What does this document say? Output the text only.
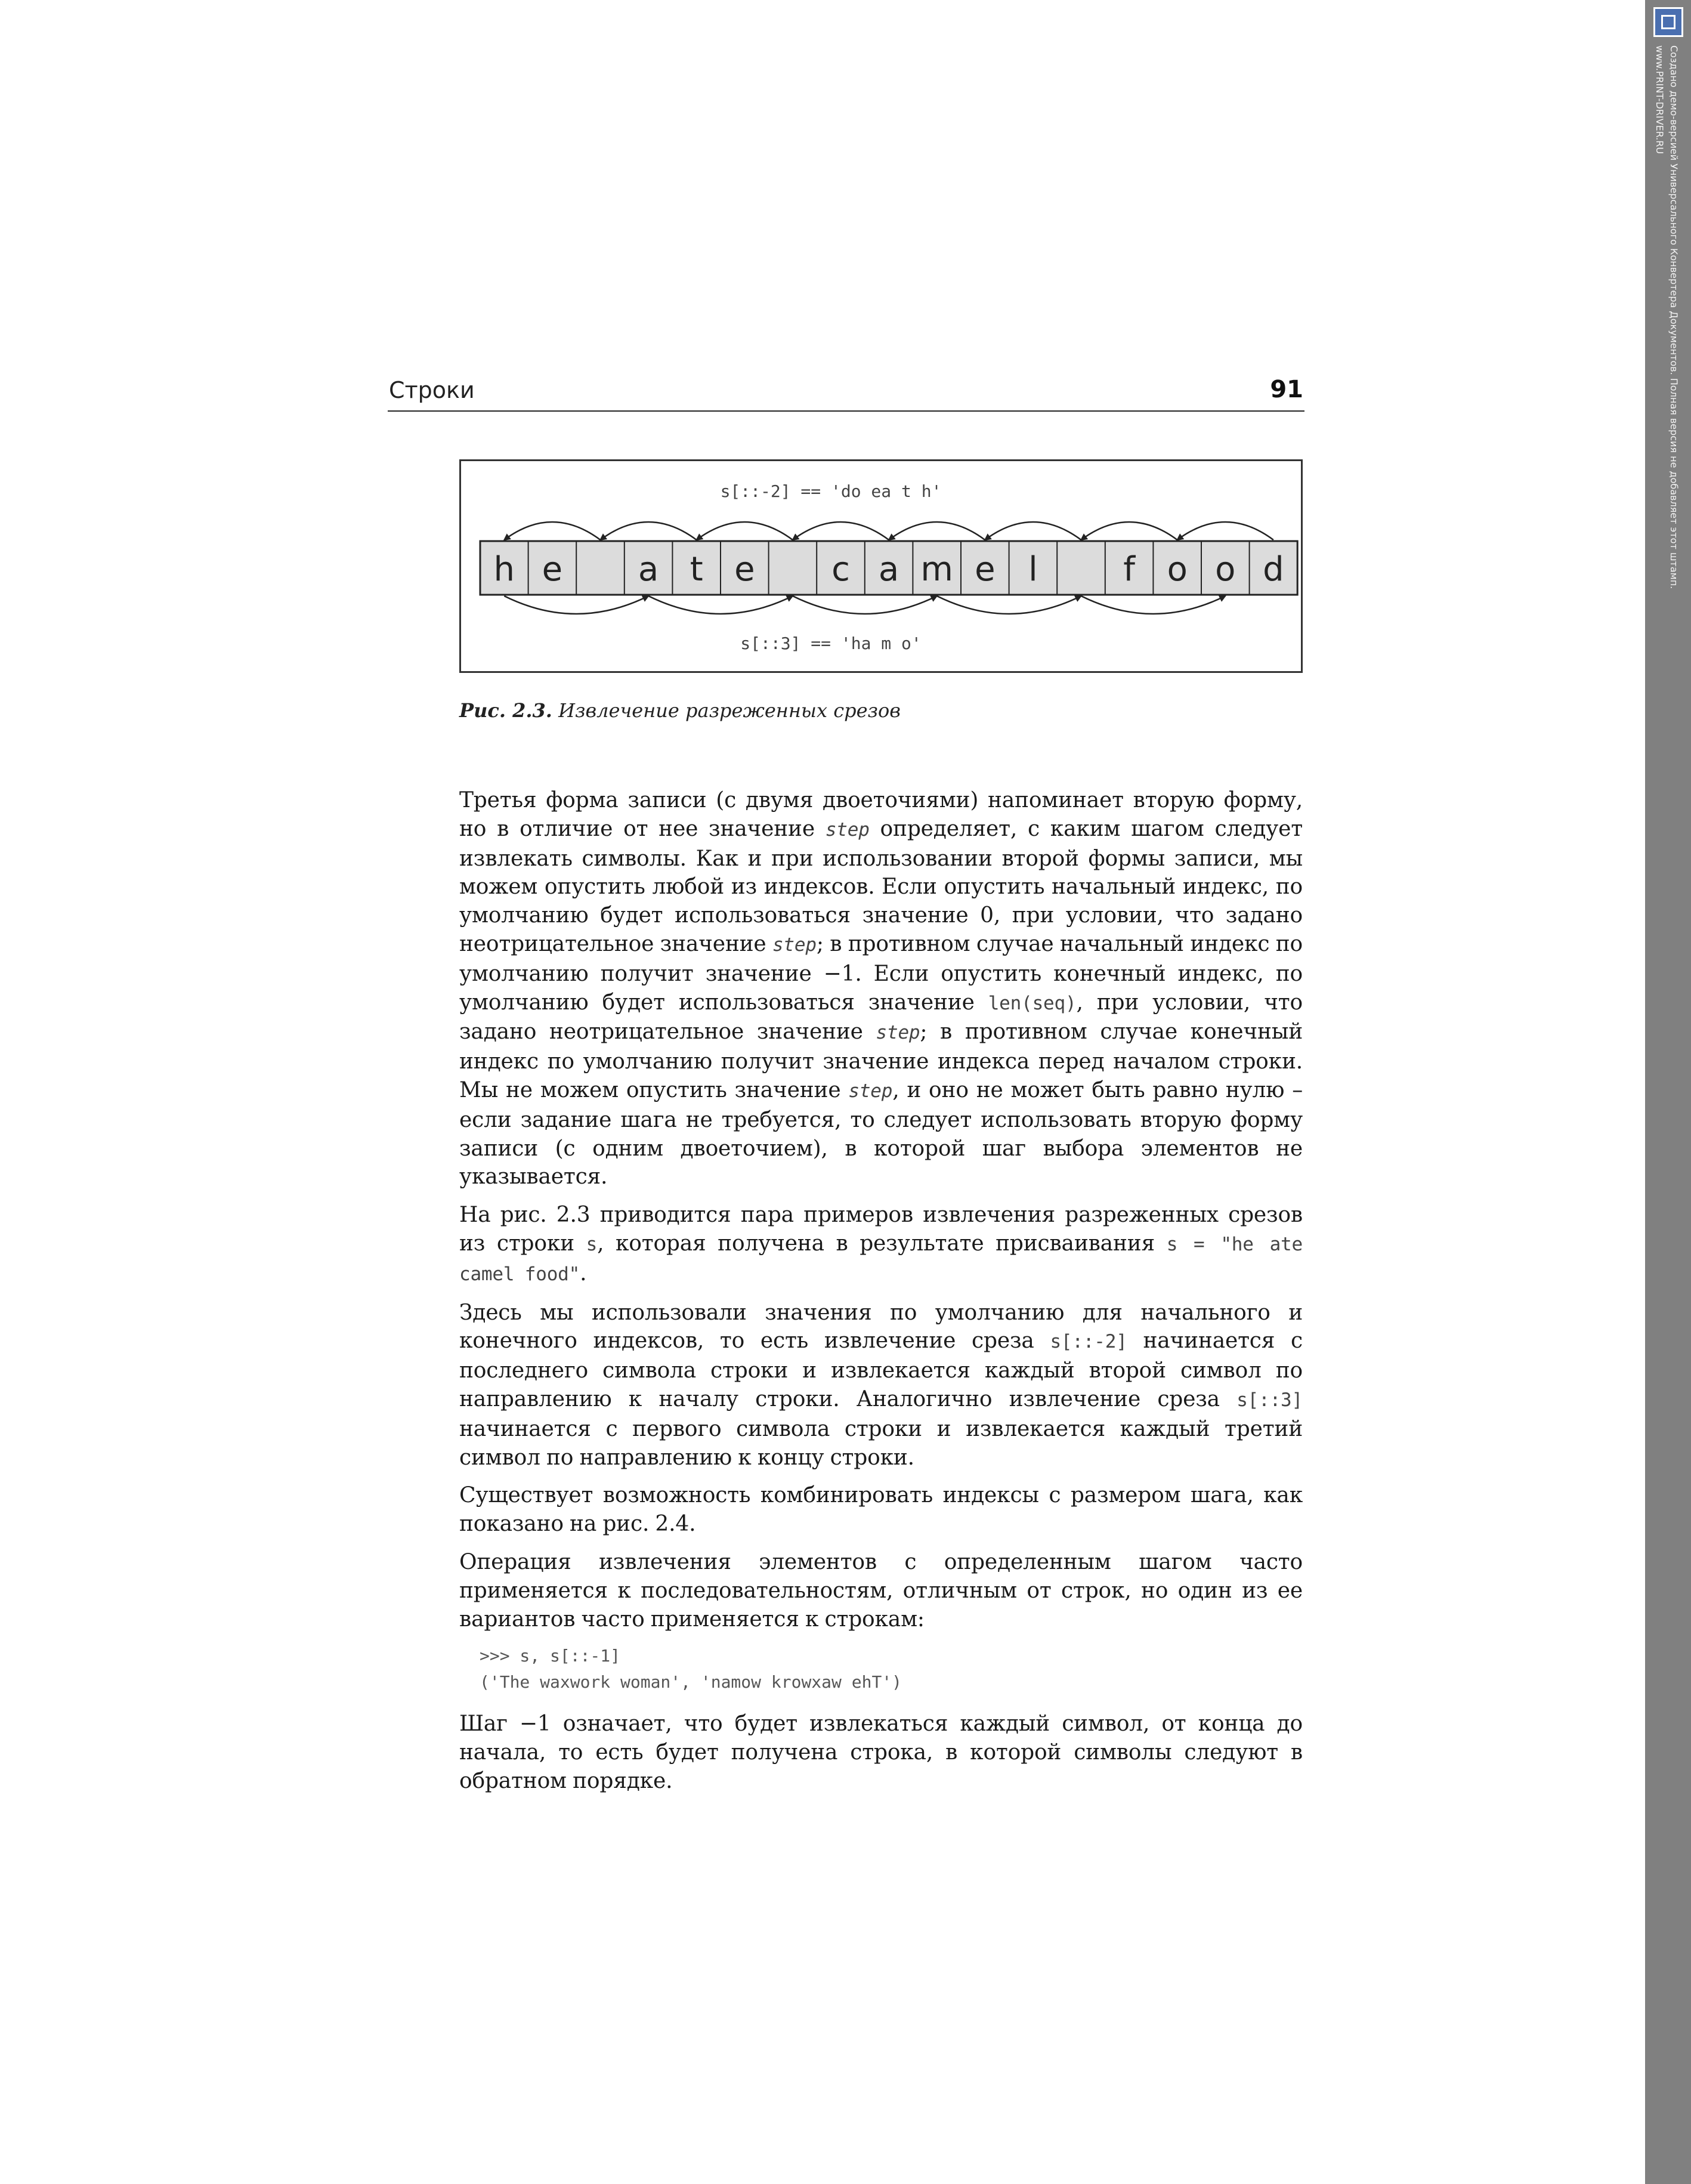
Строки	91
s[::-2] == 'do ea t h'
s[::3] == 'ha m o'
h e a t e c a m e l	f o o d
Рис. 2.3. Извлечение разреженных срезов

Третья форма записи (с двумя двоеточиями) напоминает вторую форму, но в отличие от нее значение step определяет, с каким шагом следует извлекать символы. Как и при использовании второй формы записи, мы можем опустить любой из индексов. Если опустить начальный индекс, по умолчанию будет использоваться значение 0, при условии, что задано неотрицательное значение step; в противном случае начальный индекс по умолчанию получит значение −1. Если опустить конечный индекс, по умолчанию будет использоваться значение len(seq), при условии, что задано неотрицательное значение step; в противном случае конечный индекс по умолчанию получит значение индекса перед началом строки. Мы не можем опустить значение step, и оно не может быть равно нулю – если задание шага не требуется, то следует использовать вторую форму записи (с одним двоеточием), в которой шаг выбора элементов не указывается.

На рис. 2.3 приводится пара примеров извлечения разреженных срезов из строки s, которая получена в результате присваивания s = "he ate camel food".

Здесь мы использовали значения по умолчанию для начального и конечного индексов, то есть извлечение среза s[::-2] начинается с последнего символа строки и извлекается каждый второй символ по направлению к началу строки. Аналогично извлечение среза s[::3] начинается с первого символа строки и извлекается каждый третий символ по направлению к концу строки.

Существует возможность комбинировать индексы с размером шага, как показано на рис. 2.4.

Операция извлечения элементов с определенным шагом часто применяется к последовательностям, отличным от строк, но один из ее вариантов часто применяется к строкам:

>>> s, s[::-1]
('The waxwork woman', 'namow krowxaw ehT')

Шаг −1 означает, что будет извлекаться каждый символ, от конца до начала, то есть будет получена строка, в которой символы следуют в обратном порядке.

Создано демо-версией Универсального Конвертера Документов. Полная версия не добавляет этот штамп.
www.PRINT-DRIVER.RU
